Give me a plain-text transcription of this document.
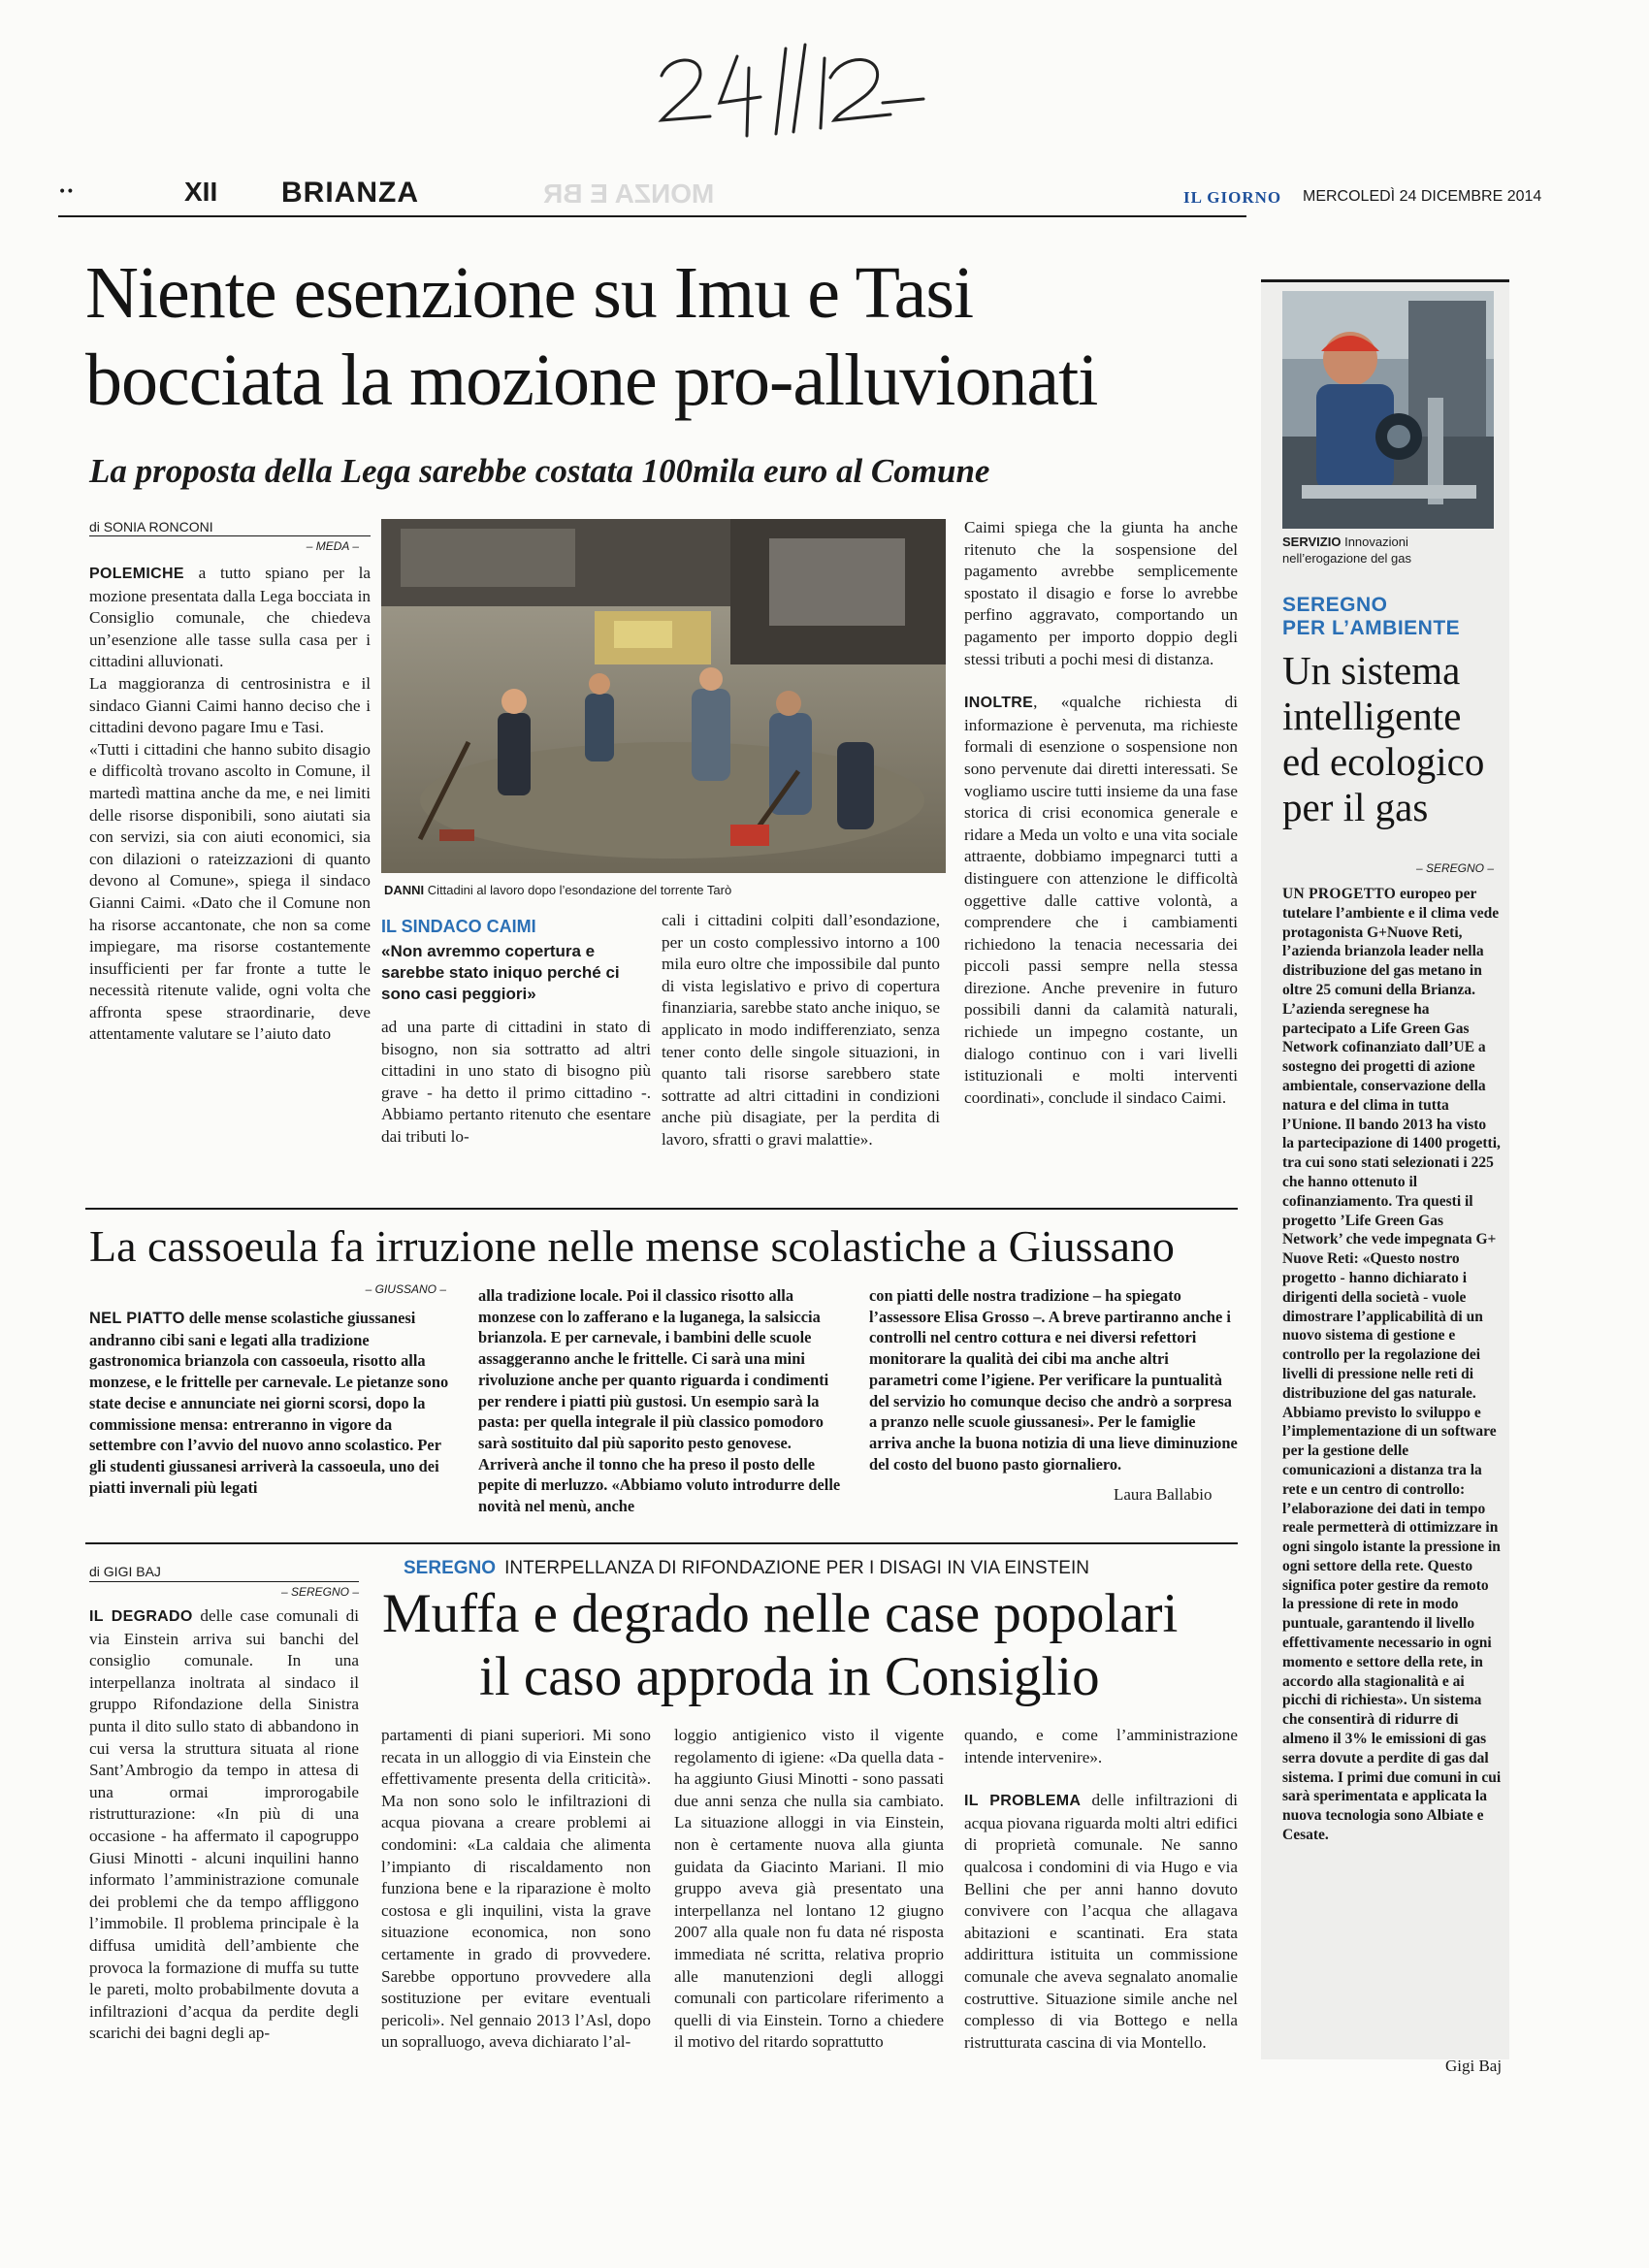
••	XII BRIANZA	MONZA E BR	IL GIORNO MERCOLEDÌ 24 DICEMBRE 2014
Niente esenzione su Imu e Tasi
bocciata la mozione pro-alluvionati
La proposta della Lega sarebbe costata 100mila euro al Comune
di SONIA RONCONI
– MEDA –

POLEMICHE a tutto spiano per la mozione presentata dalla Lega bocciata in Consiglio comunale, che chiedeva un’esenzione alle tasse sulla casa per i cittadini alluvionati.

La maggioranza di centrosinistra e il sindaco Gianni Caimi hanno deciso che i cittadini devono pagare Imu e Tasi.

«Tutti i cittadini che hanno subito disagio e difficoltà trovano ascolto in Comune, il martedì mattina anche da me, e nei limiti delle risorse disponibili, sono aiutati sia con servizi, sia con aiuti economici, sia con dilazioni o rateizzazioni di quanto devono al Comune», spiega il sindaco Gianni Caimi. «Dato che il Comune non ha risorse accantonate, che non sa come impiegare, ma risorse costantemente insufficienti per far fronte a tutte le necessità ritenute valide, ogni volta che affronta spese straordinarie, deve attentamente valutare se l’aiuto dato

DANNI Cittadini al lavoro dopo l’esondazione del torrente Tarò
IL SINDACO CAIMI
«Non avremmo copertura e sarebbe stato iniquo perché ci sono casi peggiori»
ad una parte di cittadini in stato di bisogno, non sia sottratto ad altri cittadini in uno stato di bisogno più grave - ha detto il primo cittadino -. Abbiamo pertanto ritenuto che esentare dai tributi lo-
cali i cittadini colpiti dall’esondazione, per un costo complessivo intorno a 100 mila euro oltre che impossibile dal punto di vista legislativo e privo di copertura finanziaria, sarebbe stato anche iniquo, se applicato in modo indifferenziato, senza tener conto delle singole situazioni, in quanto tali risorse sarebbero state sottratte ad altri cittadini in condizioni anche più disagiate, per la perdita di lavoro, sfratti o gravi malattie».

Caimi spiega che la giunta ha anche ritenuto che la sospensione del pagamento avrebbe semplicemente spostato il disagio e forse lo avrebbe perfino aggravato, comportando un pagamento per importo doppio degli stessi tributi a pochi mesi di distanza.

INOLTRE, «qualche richiesta di informazione è pervenuta, ma richieste formali di esenzione o sospensione non sono pervenute dai diretti interessati. Se vogliamo uscire tutti insieme da una fase storica di crisi economica generale e ridare a Meda un volto e una vita sociale attraente, dobbiamo impegnarci tutti a distinguere con attenzione le difficoltà oggettive dalle cattive volontà, a comprendere che i cambiamenti richiedono la tenacia necessaria dei piccoli passi sempre nella stessa direzione. Anche prevenire in futuro possibili danni da calamità naturali, richiede un impegno costante, un dialogo continuo con i vari livelli istituzionali e molti interventi coordinati», conclude il sindaco Caimi.

La cassoeula fa irruzione nelle mense scolastiche a Giussano
– GIUSSANO –
NEL PIATTO delle mense scolastiche giussanesi andranno cibi sani e legati alla tradizione gastronomica brianzola con cassoeula, risotto alla monzese, e le frittelle per carnevale. Le pietanze sono state decise e annunciate nei giorni scorsi, dopo la commissione mensa: entreranno in vigore da settembre con l’avvio del nuovo anno scolastico. Per gli studenti giussanesi arriverà la cassoeula, uno dei piatti invernali più legati
alla tradizione locale. Poi il classico risotto alla monzese con lo zafferano e la luganega, la salsiccia brianzola. E per carnevale, i bambini delle scuole assaggeranno anche le frittelle. Ci sarà una mini rivoluzione anche per quanto riguarda i condimenti per rendere i piatti più gustosi. Un esempio sarà la pasta: per quella integrale il più classico pomodoro sarà sostituito dal più saporito pesto genovese. Arriverà anche il tonno che ha preso il posto delle pepite di merluzzo. «Abbiamo voluto introdurre delle novità nel menù, anche
con piatti delle nostra tradizione – ha spiegato l’assessore Elisa Grosso –. A breve partiranno anche i controlli nel centro cottura e nei diversi refettori monitorare la qualità dei cibi ma anche altri parametri come l’igiene. Per verificare la puntualità del servizio ho comunque deciso che andrò a sorpresa a pranzo nelle scuole giussanesi». Per le famiglie arriva anche la buona notizia di una lieve diminuzione del costo del buono pasto giornaliero.
Laura Ballabio
di GIGI BAJ
– SEREGNO –
SEREGNO INTERPELLANZA DI RIFONDAZIONE PER I DISAGI IN VIA EINSTEIN
Muffa e degrado nelle case popolari
il caso approda in Consiglio
IL DEGRADO delle case comunali di via Einstein arriva sui banchi del consiglio comunale. In una interpellanza inoltrata al sindaco il gruppo Rifondazione della Sinistra punta il dito sullo stato di abbandono in cui versa la struttura situata al rione Sant’Ambrogio da tempo in attesa di una ormai improrogabile ristrutturazione: «In più di una occasione - ha affermato il capogruppo Giusi Minotti - alcuni inquilini hanno informato l’amministrazione comunale dei problemi che da tempo affliggono l’immobile. Il problema principale è la diffusa umidità dell’ambiente che provoca la formazione di muffa su tutte le pareti, molto probabilmente dovuta a infiltrazioni d’acqua da perdite degli scarichi dei bagni degli ap-
partamenti di piani superiori. Mi sono recata in un alloggio di via Einstein che effettivamente presenta della criticità». Ma non sono solo le infiltrazioni di acqua piovana a creare problemi ai condomini: «La caldaia che alimenta l’impianto di riscaldamento non funziona bene e la riparazione è molto costosa e gli inquilini, vista la grave situazione economica, non sono certamente in grado di provvedere. Sarebbe opportuno provvedere alla sostituzione per evitare eventuali pericoli». Nel gennaio 2013 l’Asl, dopo un sopralluogo, aveva dichiarato l’al-
loggio antigienico visto il vigente regolamento di igiene: «Da quella data - ha aggiunto Giusi Minotti - sono passati due anni senza che nulla sia cambiato. La situazione alloggi in via Einstein, non è certamente nuova alla giunta guidata da Giacinto Mariani. Il mio gruppo aveva già presentato una interpellanza nel lontano 12 giugno 2007 alla quale non fu data né risposta immediata né scritta, relativa proprio alle manutenzioni degli alloggi comunali con particolare riferimento a quelli di via Einstein. Torno a chiedere il motivo del ritardo soprattutto

quando, e come l’amministrazione intende intervenire».

IL PROBLEMA delle infiltrazioni di acqua piovana riguarda molti altri edifici di proprietà comunale. Ne sanno qualcosa i condomini di via Hugo e via Bellini che per anni hanno dovuto convivere con l’acqua che allagava abitazioni e scantinati. Era stata addirittura istituita un commissione comunale che aveva segnalato anomalie costruttive. Situazione simile anche nel complesso di via Bottego e nella ristrutturata cascina di via Montello.

SERVIZIO Innovazioni nell’erogazione del gas
SEREGNO
PER L’AMBIENTE
Un sistema intelligente ed ecologico per il gas
– SEREGNO –
UN PROGETTO europeo per tutelare l’ambiente e il clima vede protagonista G+Nuove Reti, l’azienda brianzola leader nella distribuzione del gas metano in oltre 25 comuni della Brianza. L’azienda seregnese ha partecipato a Life Green Gas Network cofinanziato dall’UE a sostegno dei progetti di azione ambientale, conservazione della natura e del clima in tutta l’Unione. Il bando 2013 ha visto la partecipazione di 1400 progetti, tra cui sono stati selezionati i 225 che hanno ottenuto il cofinanziamento. Tra questi il progetto ’Life Green Gas Network’ che vede impegnata G+ Nuove Reti: «Questo nostro progetto - hanno dichiarato i dirigenti della società - vuole dimostrare l’applicabilità di un nuovo sistema di gestione e controllo per la regolazione dei livelli di pressione nelle reti di distribuzione del gas naturale. Abbiamo previsto lo sviluppo e l’implementazione di un software per la gestione delle comunicazioni a distanza tra la rete e un centro di controllo: l’elaborazione dei dati in tempo reale permetterà di ottimizzare in ogni singolo istante la pressione in ogni settore della rete. Questo significa poter gestire da remoto la pressione di rete in modo puntuale, garantendo il livello effettivamente necessario in ogni momento e settore della rete, in accordo alla stagionalità e ai picchi di richiesta». Un sistema che consentirà di ridurre di almeno il 3% le emissioni di gas serra dovute a perdite di gas dal sistema. I primi due comuni in cui sarà sperimentata e applicata la nuova tecnologia sono Albiate e Cesate.
Gigi Baj
